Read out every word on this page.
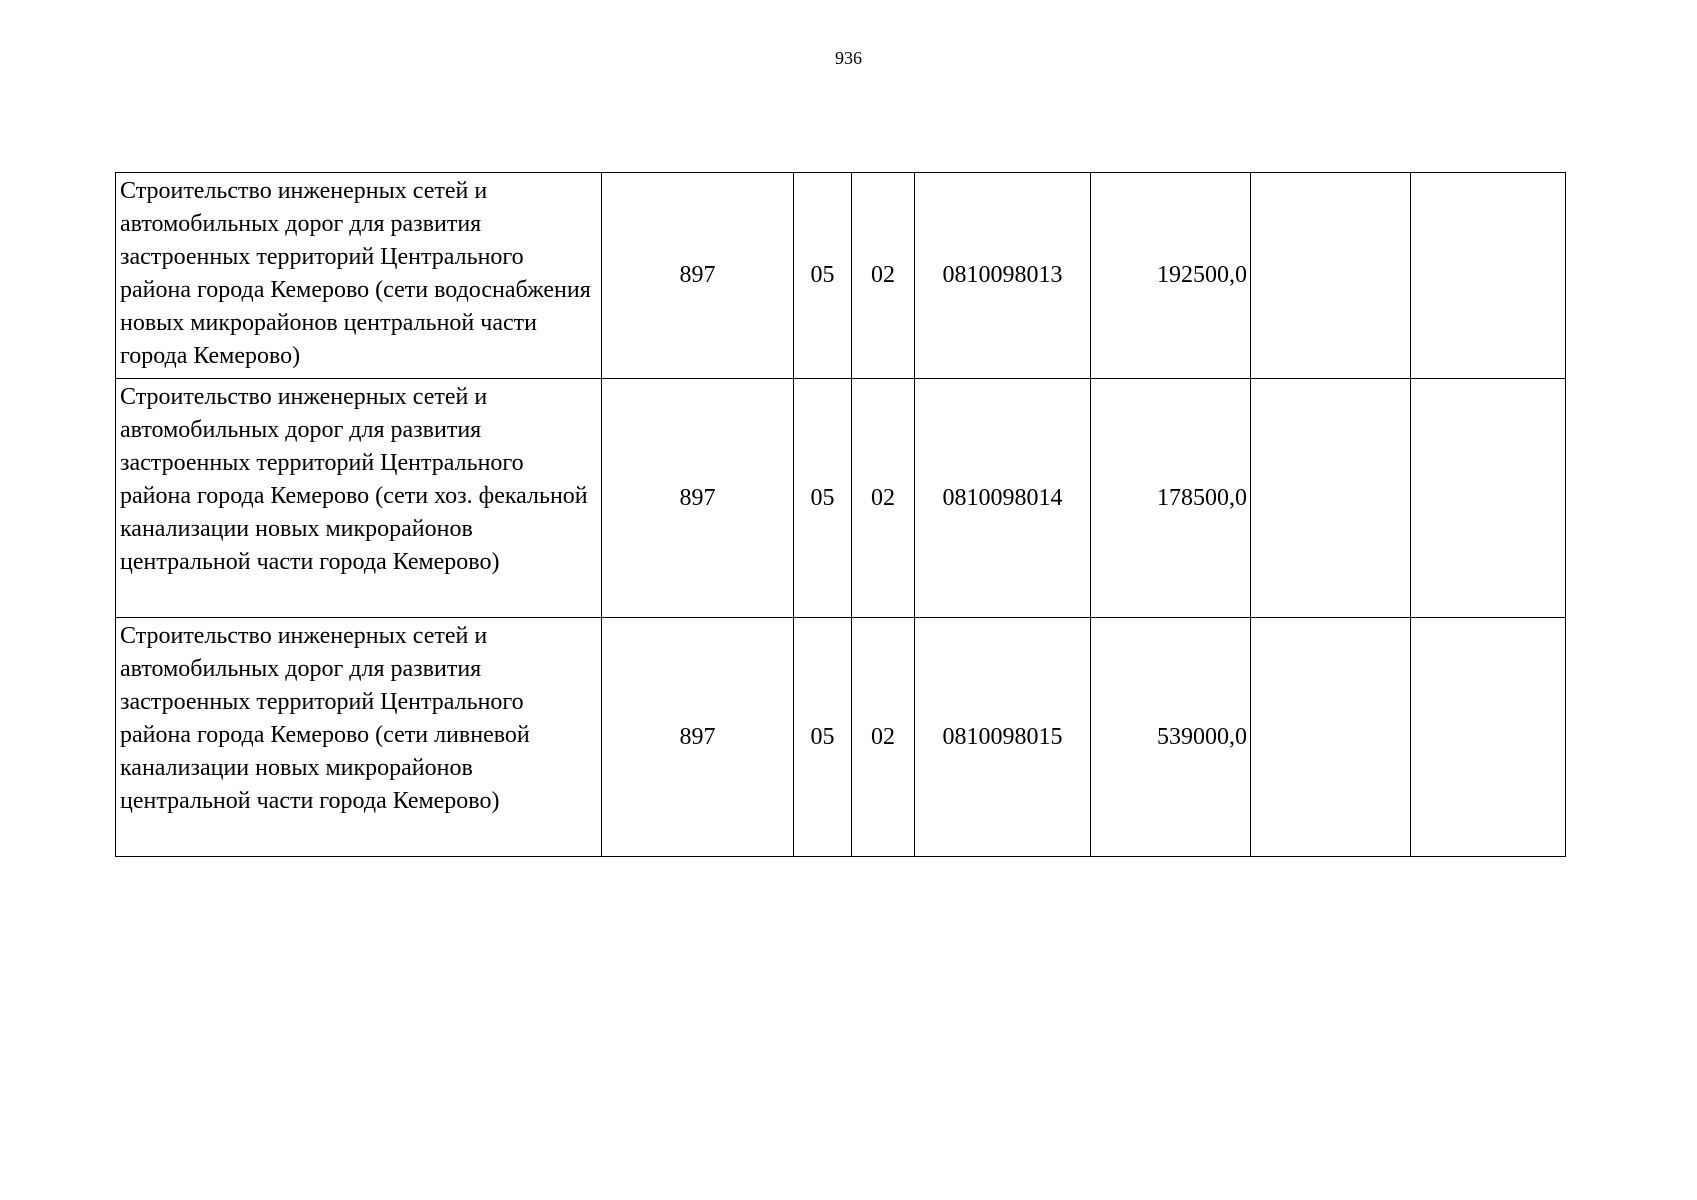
936
Строительство инженерных сетей и автомобильных дорог для развития застроенных территорий Центрального района города Кемерово (сети водоснабжения новых микрорайонов центральной части города Кемерово)	897	05	02	0810098013	192500,0		
Строительство инженерных сетей и автомобильных дорог для развития застроенных территорий Центрального района города Кемерово (сети хоз. фекальной канализации новых микрорайонов центральной части города Кемерово)	897	05	02	0810098014	178500,0		
Строительство инженерных сетей и автомобильных дорог для развития застроенных территорий Центрального района города Кемерово (сети ливневой канализации новых микрорайонов центральной части города Кемерово)	897	05	02	0810098015	539000,0		
